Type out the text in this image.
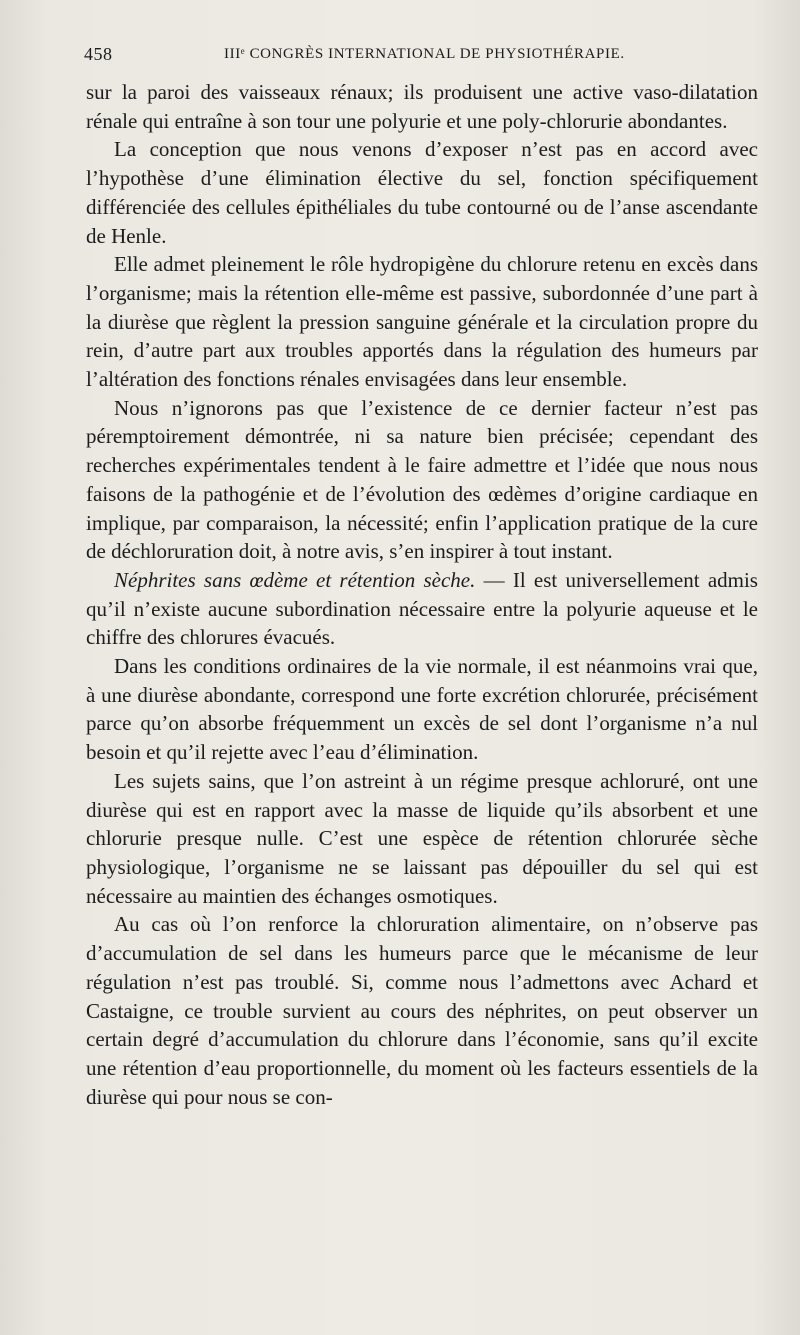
458	IIIᵉ CONGRÈS INTERNATIONAL DE PHYSIOTHÉRAPIE.

sur la paroi des vaisseaux rénaux; ils produisent une active vaso-dilatation rénale qui entraîne à son tour une polyurie et une poly-chlorurie abondantes.

La conception que nous venons d’exposer n’est pas en accord avec l’hypothèse d’une élimination élective du sel, fonction spécifiquement différenciée des cellules épithéliales du tube contourné ou de l’anse ascendante de Henle.

Elle admet pleinement le rôle hydropigène du chlorure retenu en excès dans l’organisme; mais la rétention elle-même est passive, subordonnée d’une part à la diurèse que règlent la pression sanguine générale et la circulation propre du rein, d’autre part aux troubles apportés dans la régulation des humeurs par l’altération des fonctions rénales envisagées dans leur ensemble.

Nous n’ignorons pas que l’existence de ce dernier facteur n’est pas péremptoirement démontrée, ni sa nature bien précisée; cependant des recherches expérimentales tendent à le faire admettre et l’idée que nous nous faisons de la pathogénie et de l’évolution des œdèmes d’origine cardiaque en implique, par comparaison, la nécessité; enfin l’application pratique de la cure de déchloruration doit, à notre avis, s’en inspirer à tout instant.

Néphrites sans œdème et rétention sèche. — Il est universellement admis qu’il n’existe aucune subordination nécessaire entre la polyurie aqueuse et le chiffre des chlorures évacués.

Dans les conditions ordinaires de la vie normale, il est néanmoins vrai que, à une diurèse abondante, correspond une forte excrétion chlorurée, précisément parce qu’on absorbe fréquemment un excès de sel dont l’organisme n’a nul besoin et qu’il rejette avec l’eau d’élimination.

Les sujets sains, que l’on astreint à un régime presque achloruré, ont une diurèse qui est en rapport avec la masse de liquide qu’ils absorbent et une chlorurie presque nulle. C’est une espèce de rétention chlorurée sèche physiologique, l’organisme ne se laissant pas dépouiller du sel qui est nécessaire au maintien des échanges osmotiques.

Au cas où l’on renforce la chloruration alimentaire, on n’observe pas d’accumulation de sel dans les humeurs parce que le mécanisme de leur régulation n’est pas troublé. Si, comme nous l’admettons avec Achard et Castaigne, ce trouble survient au cours des néphrites, on peut observer un certain degré d’accumulation du chlorure dans l’économie, sans qu’il excite une rétention d’eau proportionnelle, du moment où les facteurs essentiels de la diurèse qui pour nous se con-
